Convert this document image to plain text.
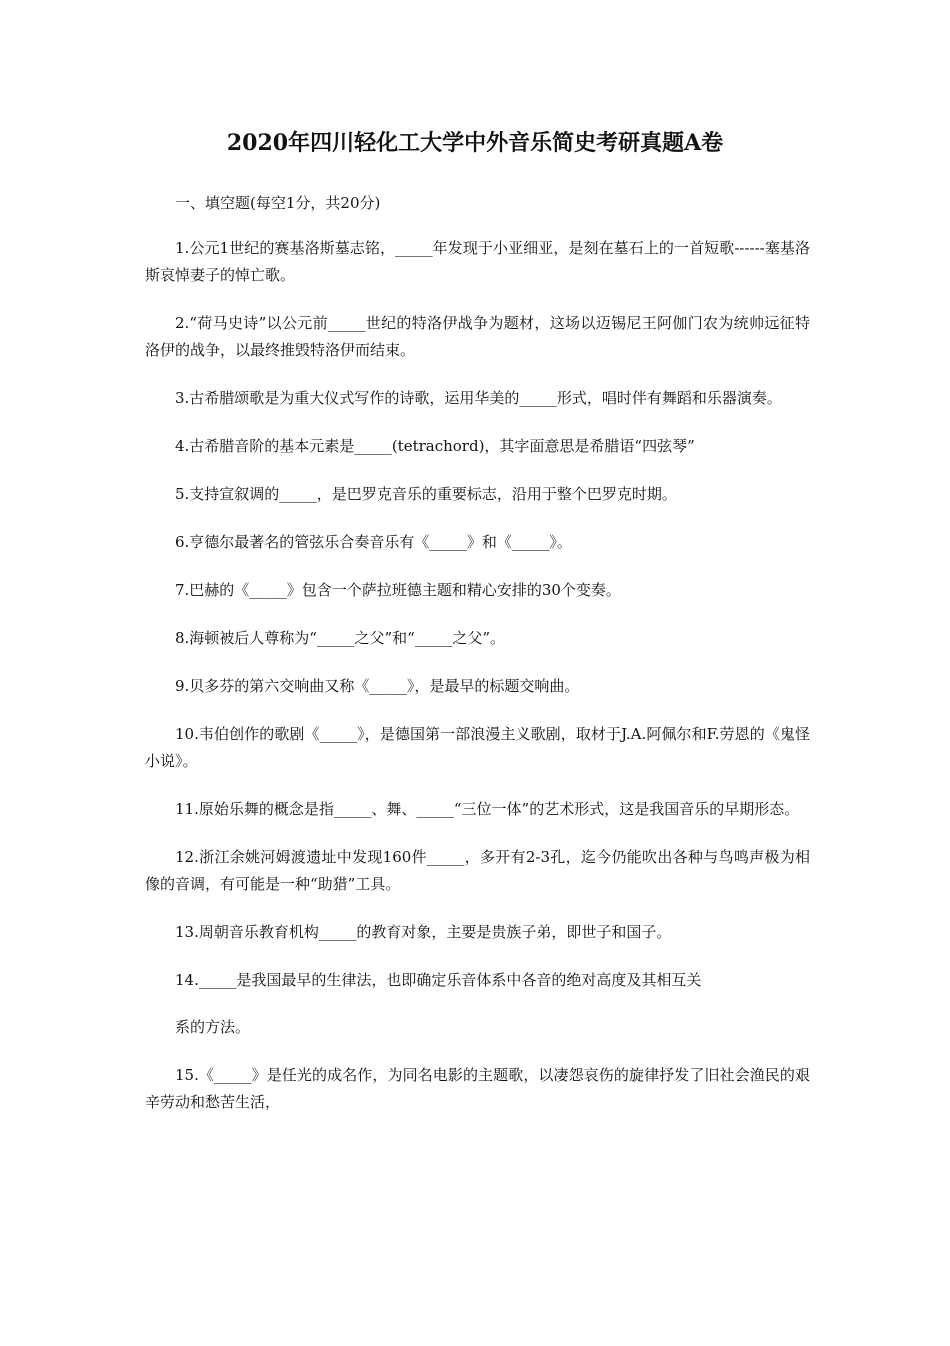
2020年四川轻化工大学中外音乐简史考研真题A卷

一、填空题(每空1分，共20分)

1.公元1世纪的赛基洛斯墓志铭，_____年发现于小亚细亚，是刻在墓石上的一首短歌------塞基洛斯哀悼妻子的悼亡歌。

2.“荷马史诗”以公元前_____世纪的特洛伊战争为题材，这场以迈锡尼王阿伽门农为统帅远征特洛伊的战争，以最终推毁特洛伊而结束。

3.古希腊颂歌是为重大仪式写作的诗歌，运用华美的_____形式，唱时伴有舞蹈和乐器演奏。

4.古希腊音阶的基本元素是_____(tetrachord)，其字面意思是希腊语“四弦琴”

5.支持宣叙调的_____，是巴罗克音乐的重要标志，沿用于整个巴罗克时期。

6.亨德尔最著名的管弦乐合奏音乐有《_____》和《_____》。

7.巴赫的《_____》包含一个萨拉班德主题和精心安排的30个变奏。

8.海顿被后人尊称为“_____之父”和“_____之父”。

9.贝多芬的第六交响曲又称《_____》，是最早的标题交响曲。

10.韦伯创作的歌剧《_____》，是德国第一部浪漫主义歌剧，取材于J.A.阿佩尔和F.劳恩的《鬼怪小说》。

11.原始乐舞的概念是指_____、舞、_____“三位一体”的艺术形式，这是我国音乐的早期形态。

12.浙江余姚河姆渡遗址中发现160件_____，多开有2-3孔，迄今仍能吹出各种与鸟鸣声极为相像的音调，有可能是一种“助猎”工具。

13.周朝音乐教育机构_____的教育对象，主要是贵族子弟，即世子和国子。

14._____是我国最早的生律法，也即确定乐音体系中各音的绝对高度及其相互关

系的方法。

15.《_____》是任光的成名作，为同名电影的主题歌，以凄怨哀伤的旋律抒发了旧社会渔民的艰辛劳动和愁苦生活，
